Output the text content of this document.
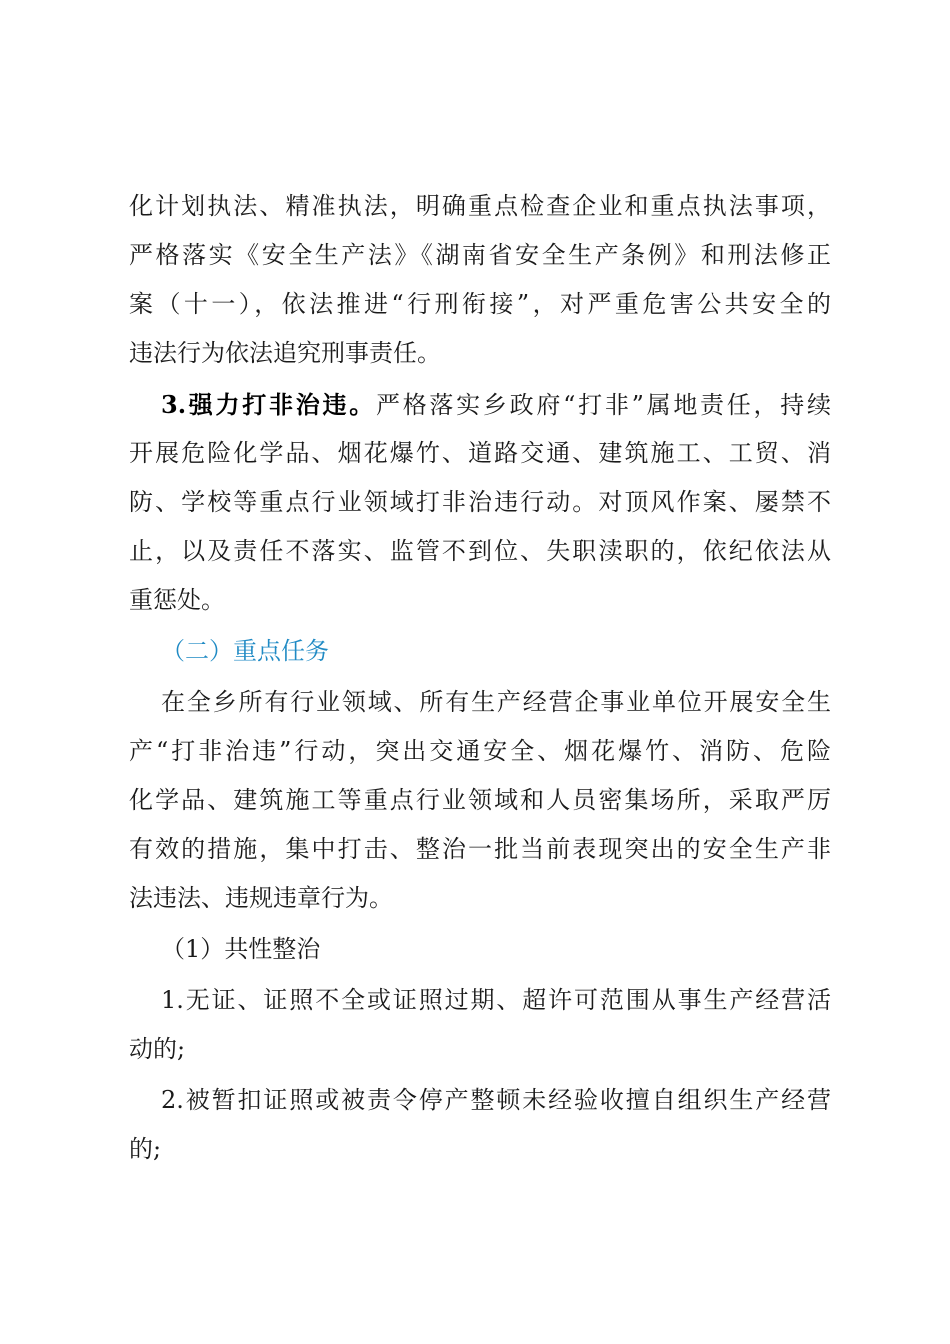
化计划执法、精准执法，明确重点检查企业和重点执法事项，
严格落实《安全生产法》《湖南省安全生产条例》和刑法修正
案（十一），依法推进“行刑衔接”，对严重危害公共安全的
违法行为依法追究刑事责任。
3.强力打非治违。严格落实乡政府“打非”属地责任，持续
开展危险化学品、烟花爆竹、道路交通、建筑施工、工贸、消
防、学校等重点行业领域打非治违行动。对顶风作案、屡禁不
止，以及责任不落实、监管不到位、失职渎职的，依纪依法从
重惩处。
（二）重点任务
在全乡所有行业领域、所有生产经营企事业单位开展安全生
产“打非治违”行动，突出交通安全、烟花爆竹、消防、危险
化学品、建筑施工等重点行业领域和人员密集场所，采取严厉
有效的措施，集中打击、整治一批当前表现突出的安全生产非
法违法、违规违章行为。
（1）共性整治
1.无证、证照不全或证照过期、超许可范围从事生产经营活
动的;
2.被暂扣证照或被责令停产整顿未经验收擅自组织生产经营
的;
